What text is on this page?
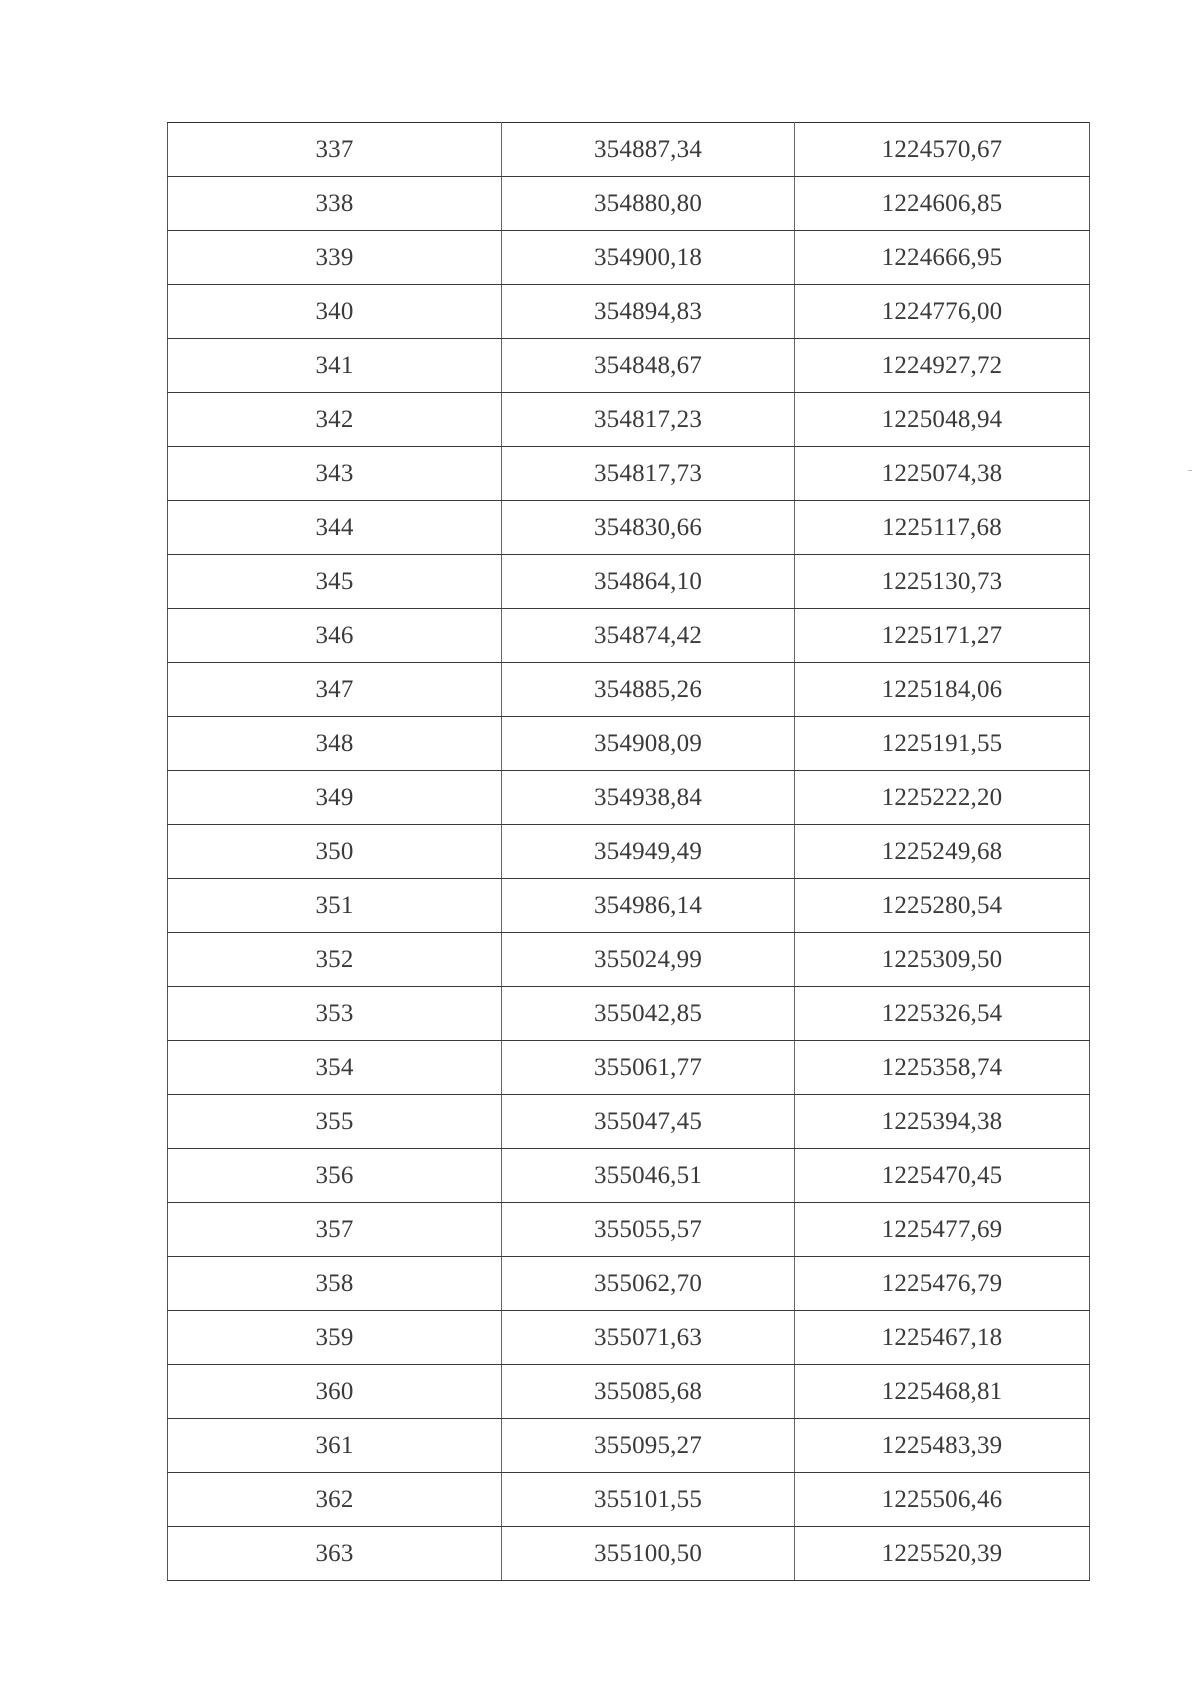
337	354887,34	1224570,67
338	354880,80	1224606,85
339	354900,18	1224666,95
340	354894,83	1224776,00
341	354848,67	1224927,72
342	354817,23	1225048,94
343	354817,73	1225074,38
344	354830,66	1225117,68
345	354864,10	1225130,73
346	354874,42	1225171,27
347	354885,26	1225184,06
348	354908,09	1225191,55
349	354938,84	1225222,20
350	354949,49	1225249,68
351	354986,14	1225280,54
352	355024,99	1225309,50
353	355042,85	1225326,54
354	355061,77	1225358,74
355	355047,45	1225394,38
356	355046,51	1225470,45
357	355055,57	1225477,69
358	355062,70	1225476,79
359	355071,63	1225467,18
360	355085,68	1225468,81
361	355095,27	1225483,39
362	355101,55	1225506,46
363	355100,50	1225520,39
